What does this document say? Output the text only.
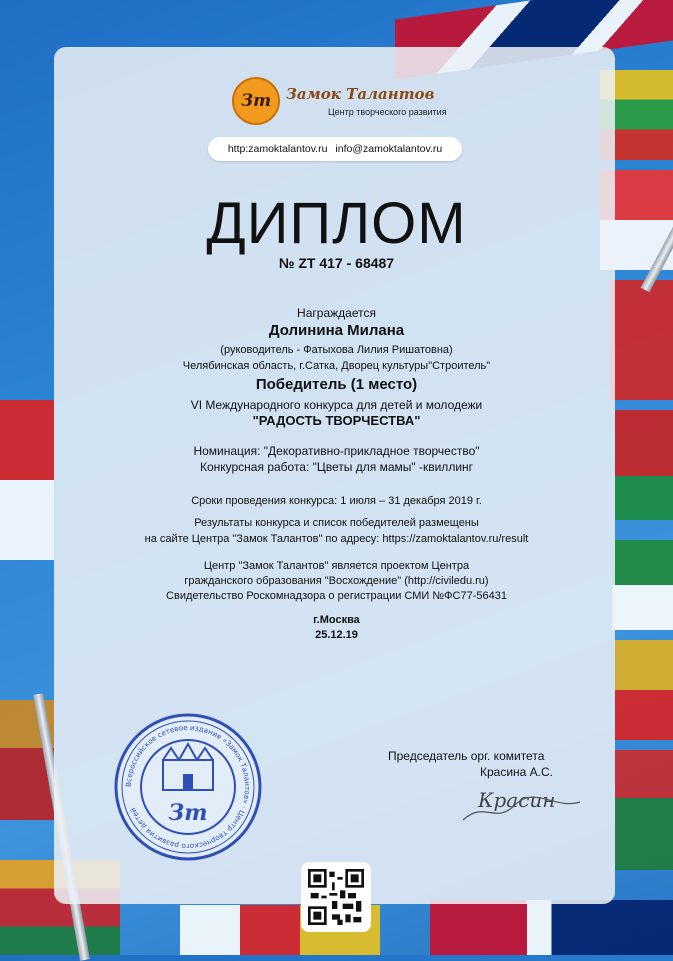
Зт Замок Талантов
Центр творческого развития
http:zamoktalantov.ru info@zamoktalantov.ru
ДИПЛОМ
№ ZT 417 - 68487
Награждается
Долинина Милана
(руководитель - Фатыхова Лилия Ришатовна)
Челябинская область, г.Сатка, Дворец культуры"Строитель"
Победитель (1 место)
VI Международного конкурса для детей и молодежи
"РАДОСТЬ ТВОРЧЕСТВА"
Номинация: "Декоративно-прикладное творчество"
Конкурсная работа: "Цветы для мамы" -квиллинг
Сроки проведения конкурса: 1 июля – 31 декабря 2019 г.
Результаты конкурса и список победителей размещены
на сайте Центра "Замок Талантов" по адресу: https://zamoktalantov.ru/result
Центр "Замок Талантов" является проектом Центра
гражданского образования "Восхождение" (http://civiledu.ru)
Свидетельство Роскомнадзора о регистрации СМИ №ФС77-56431
г.Москва
25.12.19
Председатель орг. комитета
Красина А.С.
Красин
Всероссийское сетевое издание «Замок Талантов» · Центр творческого развития детей	Зт
